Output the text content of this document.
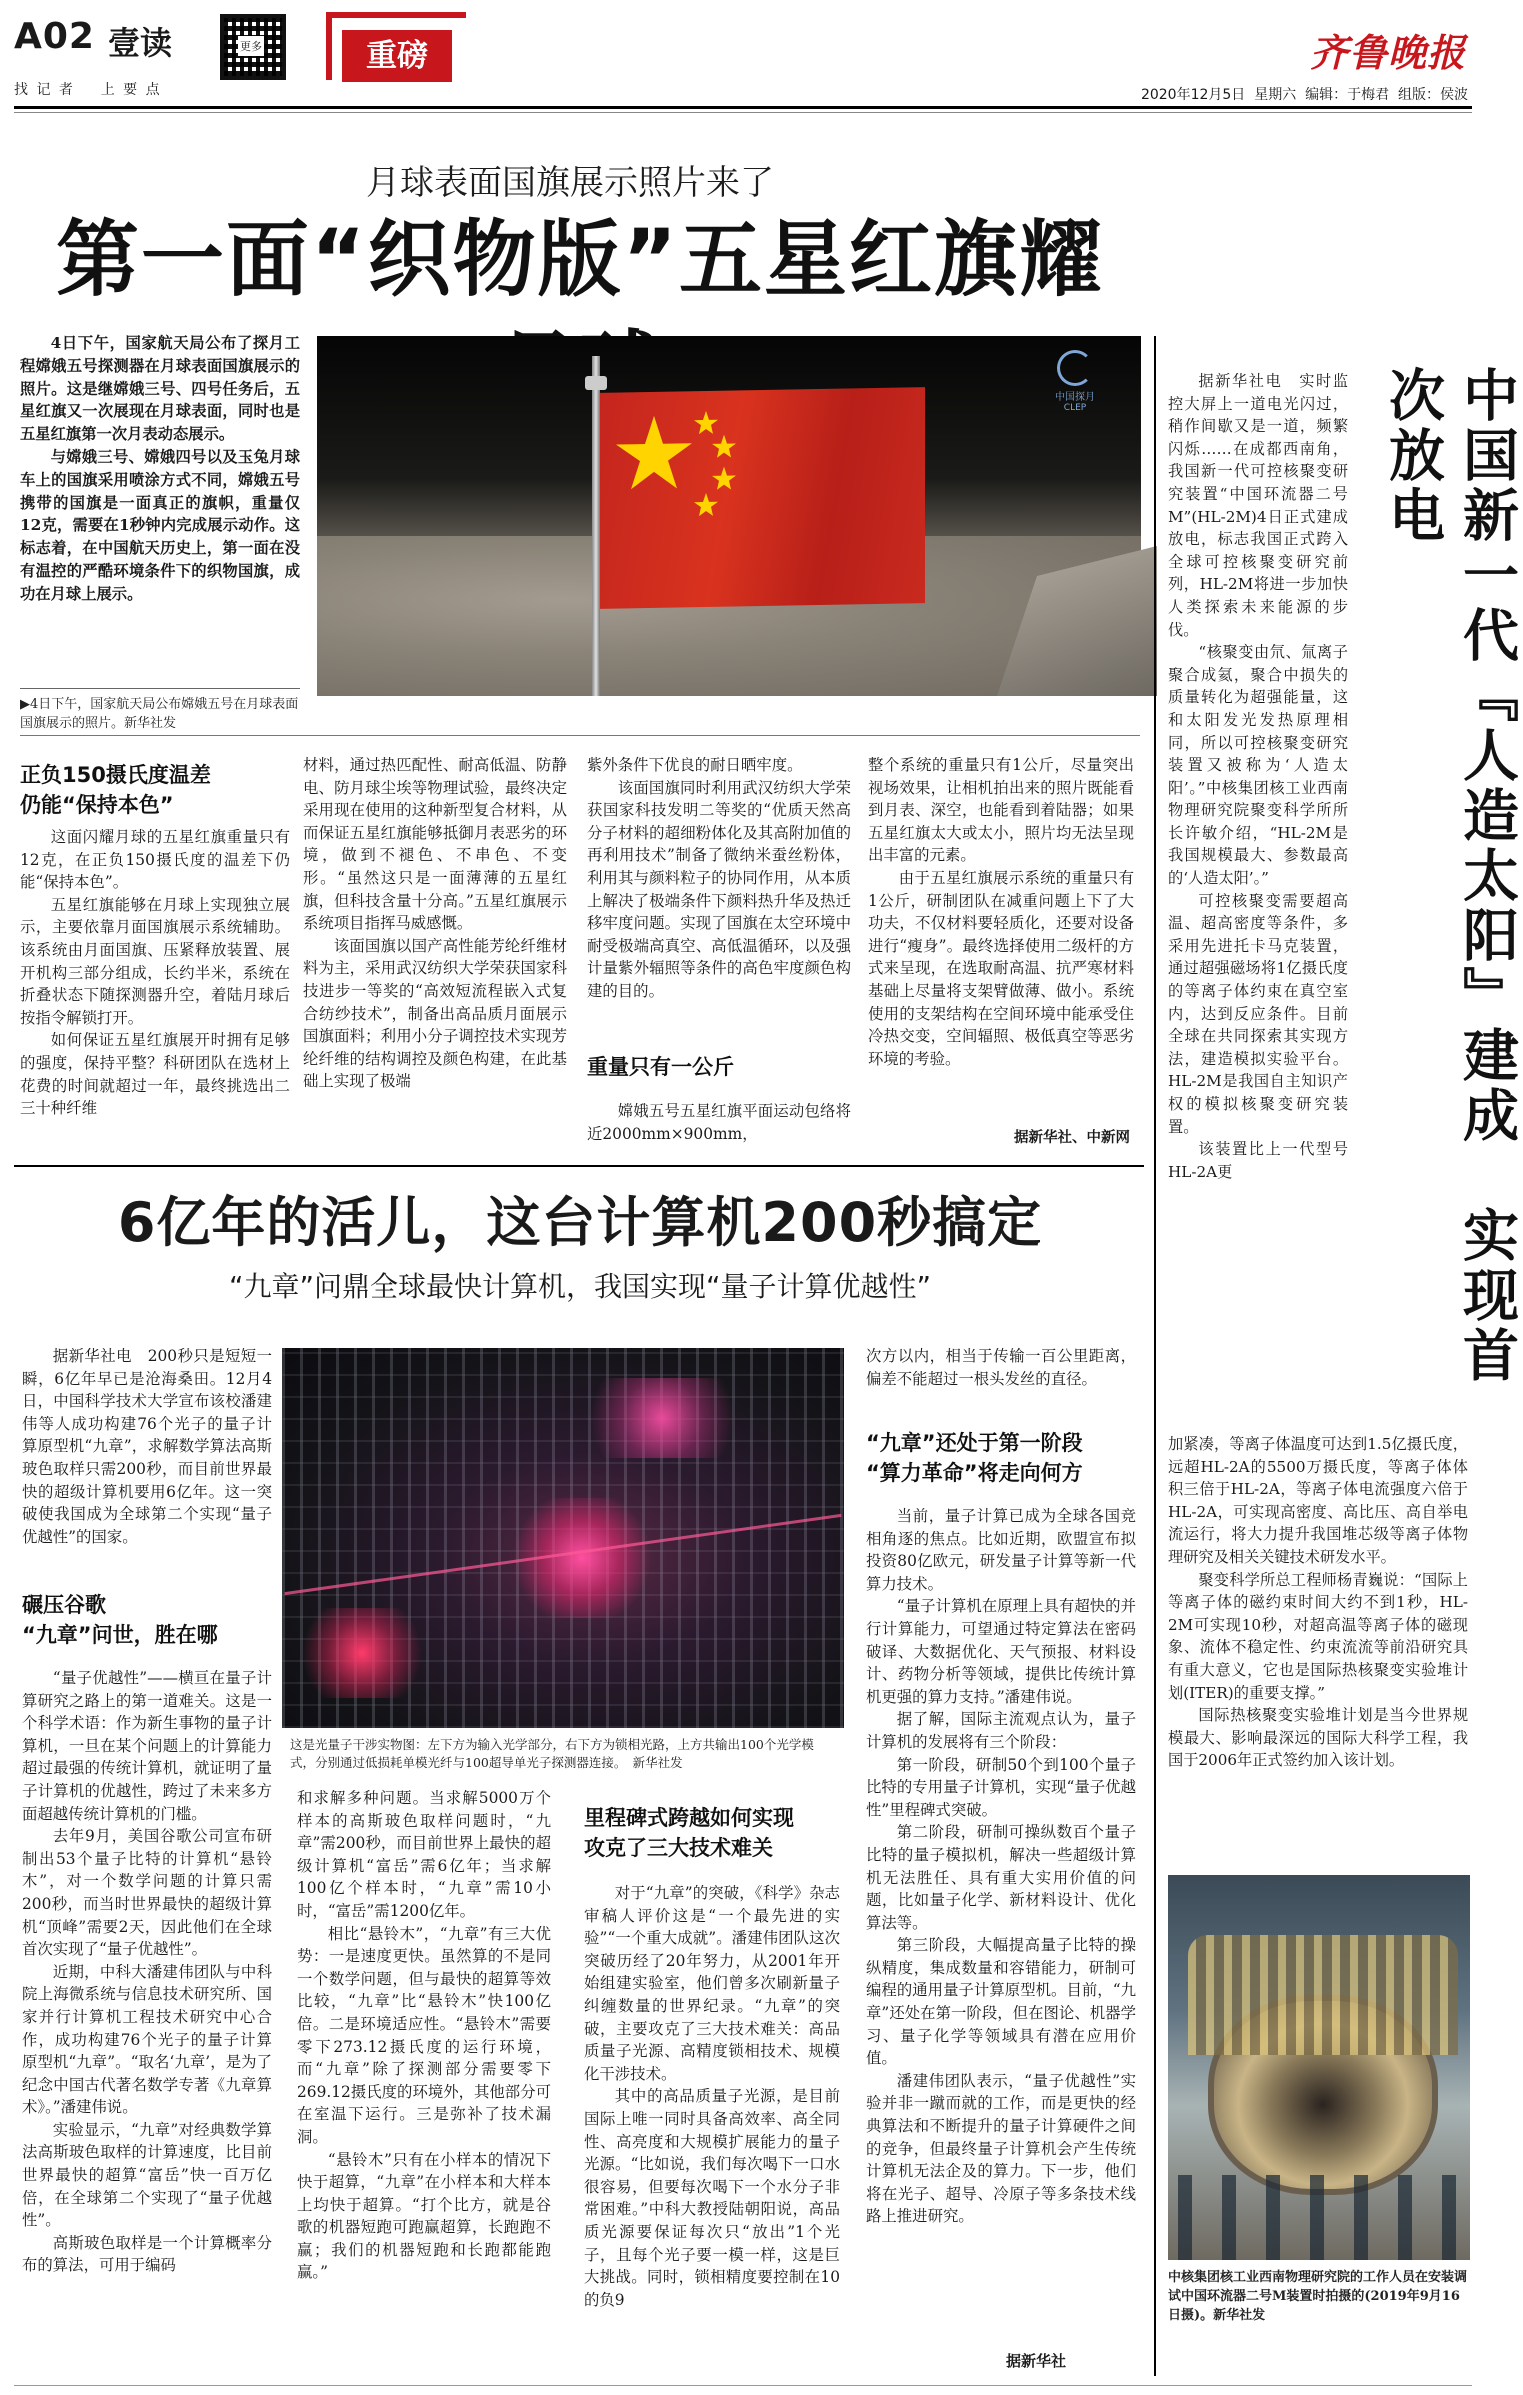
A02 壹读
找 记 者    上 要 点
更多	重磅	齐鲁晚报
2020年12月5日  星期六  编辑：于梅君  组版：侯波
月球表面国旗展示照片来了
第一面“织物版”五星红旗耀

4日下午，国家航天局公布了探月工程嫦娥五号探测器在月球表面国旗展示的照片。这是继嫦娥三号、四号任务后，五星红旗又一次展现在月球表面，同时也是五星红旗第一次月表动态展示。

与嫦娥三号、嫦娥四号以及玉兔月球车上的国旗采用喷涂方式不同，嫦娥五号携带的国旗是一面真正的旗帜，重量仅12克，需要在1秒钟内完成展示动作。这标志着，在中国航天历史上，第一面在没有温控的严酷环境条件下的织物国旗，成功在月球上展示。

▶4日下午，国家航天局公布嫦娥五号在月球表面国旗展示的照片。新华社发
中国探月
CLEP
正负150摄氏度温差
仍能“保持本色”

这面闪耀月球的五星红旗重量只有12克，在正负150摄氏度的温差下仍能“保持本色”。

五星红旗能够在月球上实现独立展示，主要依靠月面国旗展示系统辅助。该系统由月面国旗、压紧释放装置、展开机构三部分组成，长约半米，系统在折叠状态下随探测器升空，着陆月球后按指令解锁打开。

如何保证五星红旗展开时拥有足够的强度，保持平整？科研团队在选材上花费的时间就超过一年，最终挑选出二三十种纤维

材料，通过热匹配性、耐高低温、防静电、防月球尘埃等物理试验，最终决定采用现在使用的这种新型复合材料，从而保证五星红旗能够抵御月表恶劣的环境，做到不褪色、不串色、不变形。“虽然这只是一面薄薄的五星红旗，但科技含量十分高。”五星红旗展示系统项目指挥马威感慨。

该面国旗以国产高性能芳纶纤维材料为主，采用武汉纺织大学荣获国家科技进步一等奖的“高效短流程嵌入式复合纺纱技术”，制备出高品质月面展示国旗面料；利用小分子调控技术实现芳纶纤维的结构调控及颜色构建，在此基础上实现了极端

紫外条件下优良的耐日晒牢度。

该面国旗同时利用武汉纺织大学荣获国家科技发明二等奖的“优质天然高分子材料的超细粉体化及其高附加值的再利用技术”制备了微纳米蚕丝粉体，利用其与颜料粒子的协同作用，从本质上解决了极端条件下颜料热升华及热迁移牢度问题。实现了国旗在太空环境中耐受极端高真空、高低温循环，以及强计量紫外辐照等条件的高色牢度颜色构建的目的。

重量只有一公斤

嫦娥五号五星红旗平面运动包络将近2000mm×900mm，

整个系统的重量只有1公斤，尽量突出视场效果，让相机拍出来的照片既能看到月表、深空，也能看到着陆器；如果五星红旗太大或太小，照片均无法呈现出丰富的元素。

由于五星红旗展示系统的重量只有1公斤，研制团队在减重问题上下了大功夫，不仅材料要轻质化，还要对设备进行“瘦身”。最终选择使用二级杆的方式来呈现，在选取耐高温、抗严寒材料基础上尽量将支架臂做薄、做小。系统使用的支架结构在空间环境中能承受住冷热交变，空间辐照、极低真空等恶劣环境的考验。

据新华社、中新网
6亿年的活儿，这台计算机200秒搞定
“九章”问鼎全球最快计算机，我国实现“量子计算优越性”

据新华社电　200秒只是短短一瞬，6亿年早已是沧海桑田。12月4日，中国科学技术大学宣布该校潘建伟等人成功构建76个光子的量子计算原型机“九章”，求解数学算法高斯玻色取样只需200秒，而目前世界最快的超级计算机要用6亿年。这一突破使我国成为全球第二个实现“量子优越性”的国家。

碾压谷歌
“九章”问世，胜在哪

“量子优越性”——横亘在量子计算研究之路上的第一道难关。这是一个科学术语：作为新生事物的量子计算机，一旦在某个问题上的计算能力超过最强的传统计算机，就证明了量子计算机的优越性，跨过了未来多方面超越传统计算机的门槛。

去年9月，美国谷歌公司宣布研制出53个量子比特的计算机“悬铃木”，对一个数学问题的计算只需200秒，而当时世界最快的超级计算机“顶峰”需要2天，因此他们在全球首次实现了“量子优越性”。

近期，中科大潘建伟团队与中科院上海微系统与信息技术研究所、国家并行计算机工程技术研究中心合作，成功构建76个光子的量子计算原型机“九章”。“取名‘九章’，是为了纪念中国古代著名数学专著《九章算术》。”潘建伟说。

实验显示，“九章”对经典数学算法高斯玻色取样的计算速度，比目前世界最快的超算“富岳”快一百万亿倍，在全球第二个实现了“量子优越性”。

高斯玻色取样是一个计算概率分布的算法，可用于编码

这是光量子干涉实物图：左下方为输入光学部分，右下方为锁相光路，上方共输出100个光学模式，分别通过低损耗单模光纤与100超导单光子探测器连接。　新华社发

和求解多种问题。当求解5000万个样本的高斯玻色取样问题时，“九章”需200秒，而目前世界上最快的超级计算机“富岳”需6亿年；当求解100亿个样本时，“九章”需10小时，“富岳”需1200亿年。

相比“悬铃木”，“九章”有三大优势：一是速度更快。虽然算的不是同一个数学问题，但与最快的超算等效比较，“九章”比“悬铃木”快100亿倍。二是环境适应性。“悬铃木”需要零下273.12摄氏度的运行环境，而“九章”除了探测部分需要零下269.12摄氏度的环境外，其他部分可在室温下运行。三是弥补了技术漏洞。

“悬铃木”只有在小样本的情况下快于超算，“九章”在小样本和大样本上均快于超算。“打个比方，就是谷歌的机器短跑可跑赢超算，长跑跑不赢；我们的机器短跑和长跑都能跑赢。”

里程碑式跨越如何实现
攻克了三大技术难关

对于“九章”的突破，《科学》杂志审稿人评价这是“一个最先进的实验”“一个重大成就”。潘建伟团队这次突破历经了20年努力，从2001年开始组建实验室，他们曾多次刷新量子纠缠数量的世界纪录。“九章”的突破，主要攻克了三大技术难关：高品质量子光源、高精度锁相技术、规模化干涉技术。

其中的高品质量子光源，是目前国际上唯一同时具备高效率、高全同性、高亮度和大规模扩展能力的量子光源。“比如说，我们每次喝下一口水很容易，但要每次喝下一个水分子非常困难。”中科大教授陆朝阳说，高品质光源要保证每次只“放出”1个光子，且每个光子要一模一样，这是巨大挑战。同时，锁相精度要控制在10的负9

次方以内，相当于传输一百公里距离，偏差不能超过一根头发丝的直径。

“九章”还处于第一阶段
“算力革命”将走向何方

当前，量子计算已成为全球各国竞相角逐的焦点。比如近期，欧盟宣布拟投资80亿欧元，研发量子计算等新一代算力技术。

“量子计算机在原理上具有超快的并行计算能力，可望通过特定算法在密码破译、大数据优化、天气预报、材料设计、药物分析等领域，提供比传统计算机更强的算力支持。”潘建伟说。

据了解，国际主流观点认为，量子计算机的发展将有三个阶段：

第一阶段，研制50个到100个量子比特的专用量子计算机，实现“量子优越性”里程碑式突破。

第二阶段，研制可操纵数百个量子比特的量子模拟机，解决一些超级计算机无法胜任、具有重大实用价值的问题，比如量子化学、新材料设计、优化算法等。

第三阶段，大幅提高量子比特的操纵精度，集成数量和容错能力，研制可编程的通用量子计算原型机。目前，“九章”还处在第一阶段，但在图论、机器学习、量子化学等领域具有潜在应用价值。

潘建伟团队表示，“量子优越性”实验并非一蹴而就的工作，而是更快的经典算法和不断提升的量子计算硬件之间的竞争，但最终量子计算机会产生传统计算机无法企及的算力。下一步，他们将在光子、超导、冷原子等多条技术线路上推进研究。

据新华社
中国新一代『人造太阳』建成　实现首次放电

据新华社电　实时监控大屏上一道电光闪过，稍作间歇又是一道，频繁闪烁……在成都西南角，我国新一代可控核聚变研究装置“中国环流器二号M”(HL-2M)4日正式建成放电，标志我国正式跨入全球可控核聚变研究前列，HL-2M将进一步加快人类探索未来能源的步伐。

“核聚变由氘、氚离子聚合成氦，聚合中损失的质量转化为超强能量，这和太阳发光发热原理相同，所以可控核聚变研究装置又被称为‘人造太阳’。”中核集团核工业西南物理研究院聚变科学所所长许敏介绍，“HL-2M是我国规模最大、参数最高的‘人造太阳’。”

可控核聚变需要超高温、超高密度等条件，多采用先进托卡马克装置，通过超强磁场将1亿摄氏度的等离子体约束在真空室内，达到反应条件。目前全球在共同探索其实现方法，建造模拟实验平台。HL-2M是我国自主知识产权的模拟核聚变研究装置。

该装置比上一代型号HL-2A更

加紧凑，等离子体温度可达到1.5亿摄氏度，远超HL-2A的5500万摄氏度，等离子体体积三倍于HL-2A，等离子体电流强度六倍于HL-2A，可实现高密度、高比压、高自举电流运行，将大力提升我国堆芯级等离子体物理研究及相关关键技术研发水平。

聚变科学所总工程师杨青巍说：“国际上等离子体的磁约束时间大约不到1秒，HL-2M可实现10秒，对超高温等离子体的磁现象、流体不稳定性、约束流流等前沿研究具有重大意义，它也是国际热核聚变实验堆计划(ITER)的重要支撑。”

国际热核聚变实验堆计划是当今世界规模最大、影响最深远的国际大科学工程，我国于2006年正式签约加入该计划。

中核集团核工业西南物理研究院的工作人员在安装调试中国环流器二号M装置时拍摄的(2019年9月16日摄)。新华社发
